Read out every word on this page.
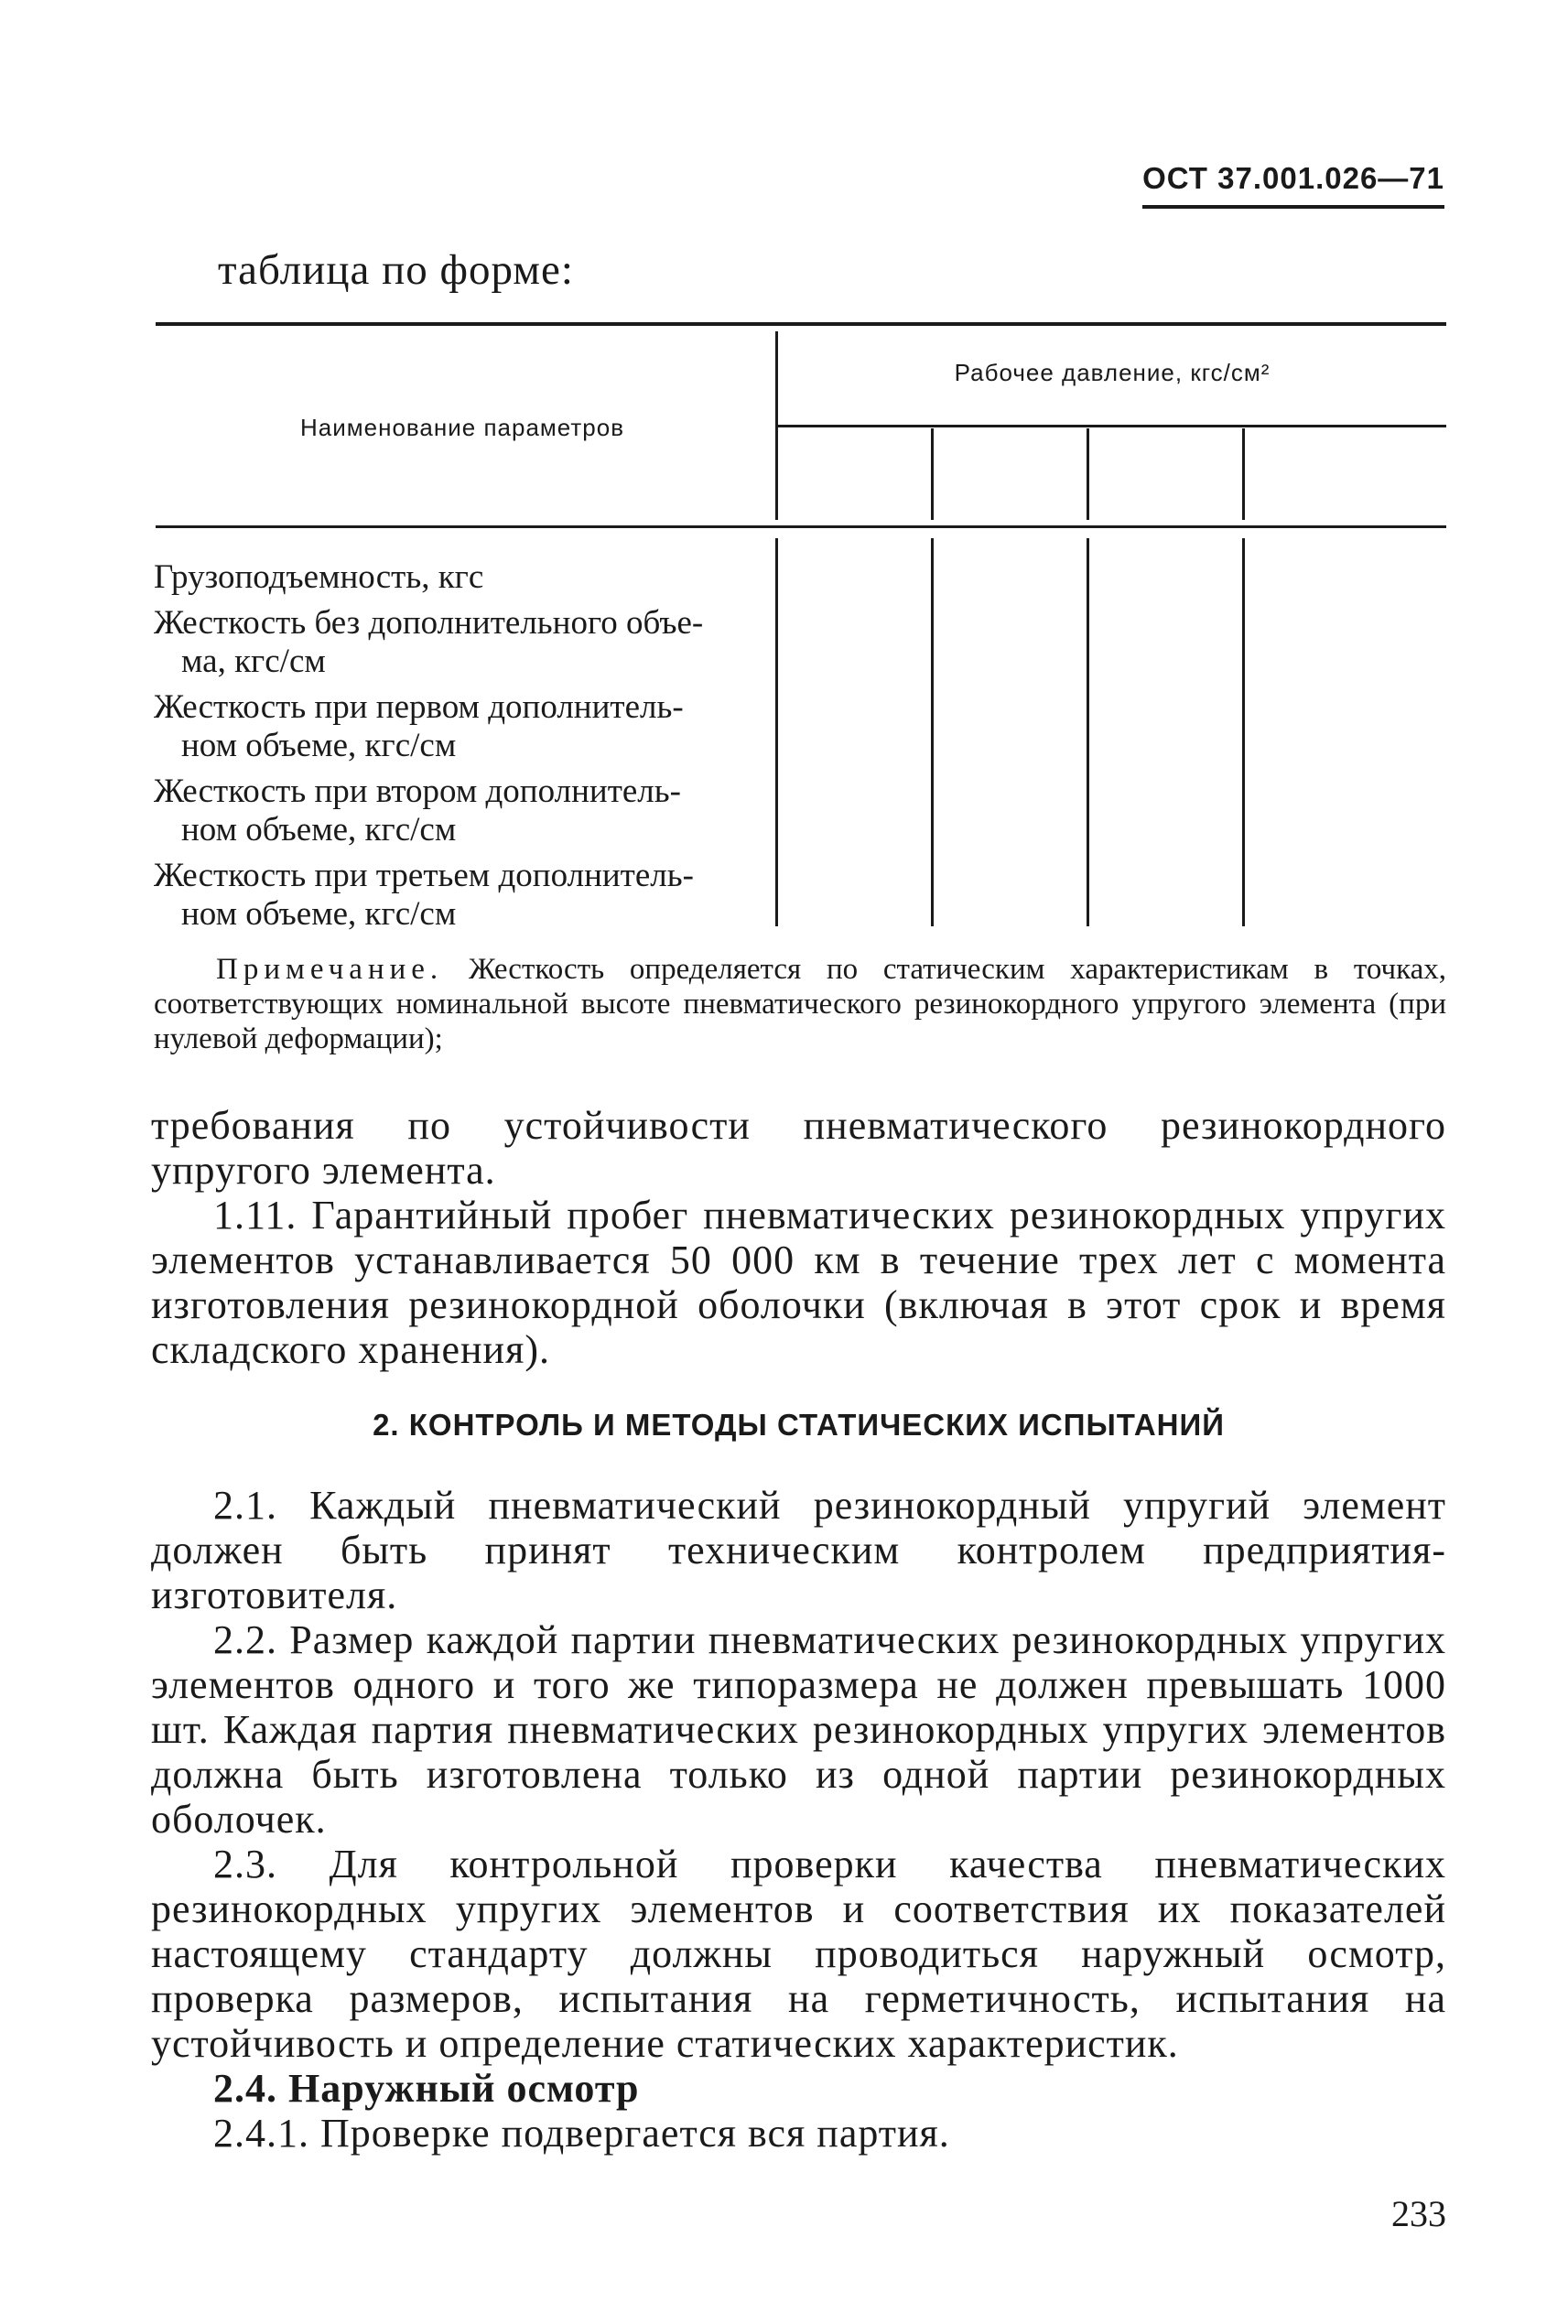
ОСТ 37.001.026—71
таблица по форме:
Наименование параметров
Рабочее давление, кгс/см²
Грузоподъемность, кгс
Жесткость без дополнительного объе-
ма, кгс/см
Жесткость при первом дополнитель-
ном объеме, кгс/см
Жесткость при втором дополнитель-
ном объеме, кгс/см
Жесткость при третьем дополнитель-
ном объеме, кгс/см
Примечание. Жесткость определяется по статическим характеристикам в точках, соответствующих номинальной высоте пневматического резинокордного упругого элемента (при нулевой деформации);

требования по устойчивости пневматического резинокордного упругого элемента.

1.11. Гарантийный пробег пневматических резинокордных упругих элементов устанавливается 50 000 км в течение трех лет с момента изготовления резинокордной оболочки (включая в этот срок и время складского хранения).

2. КОНТРОЛЬ И МЕТОДЫ СТАТИЧЕСКИХ ИСПЫТАНИЙ

2.1. Каждый пневматический резинокордный упругий элемент должен быть принят техническим контролем предприятия-изготовителя.

2.2. Размер каждой партии пневматических резинокордных упругих элементов одного и того же типоразмера не должен превышать 1000 шт. Каждая партия пневматических резинокордных упругих элементов должна быть изготовлена только из одной партии резинокордных оболочек.

2.3. Для контрольной проверки качества пневматических резинокордных упругих элементов и соответствия их показателей настоящему стандарту должны проводиться наружный осмотр, проверка размеров, испытания на герметичность, испытания на устойчивость и определение статических характеристик.

2.4. Наружный осмотр

2.4.1. Проверке подвергается вся партия.

233
